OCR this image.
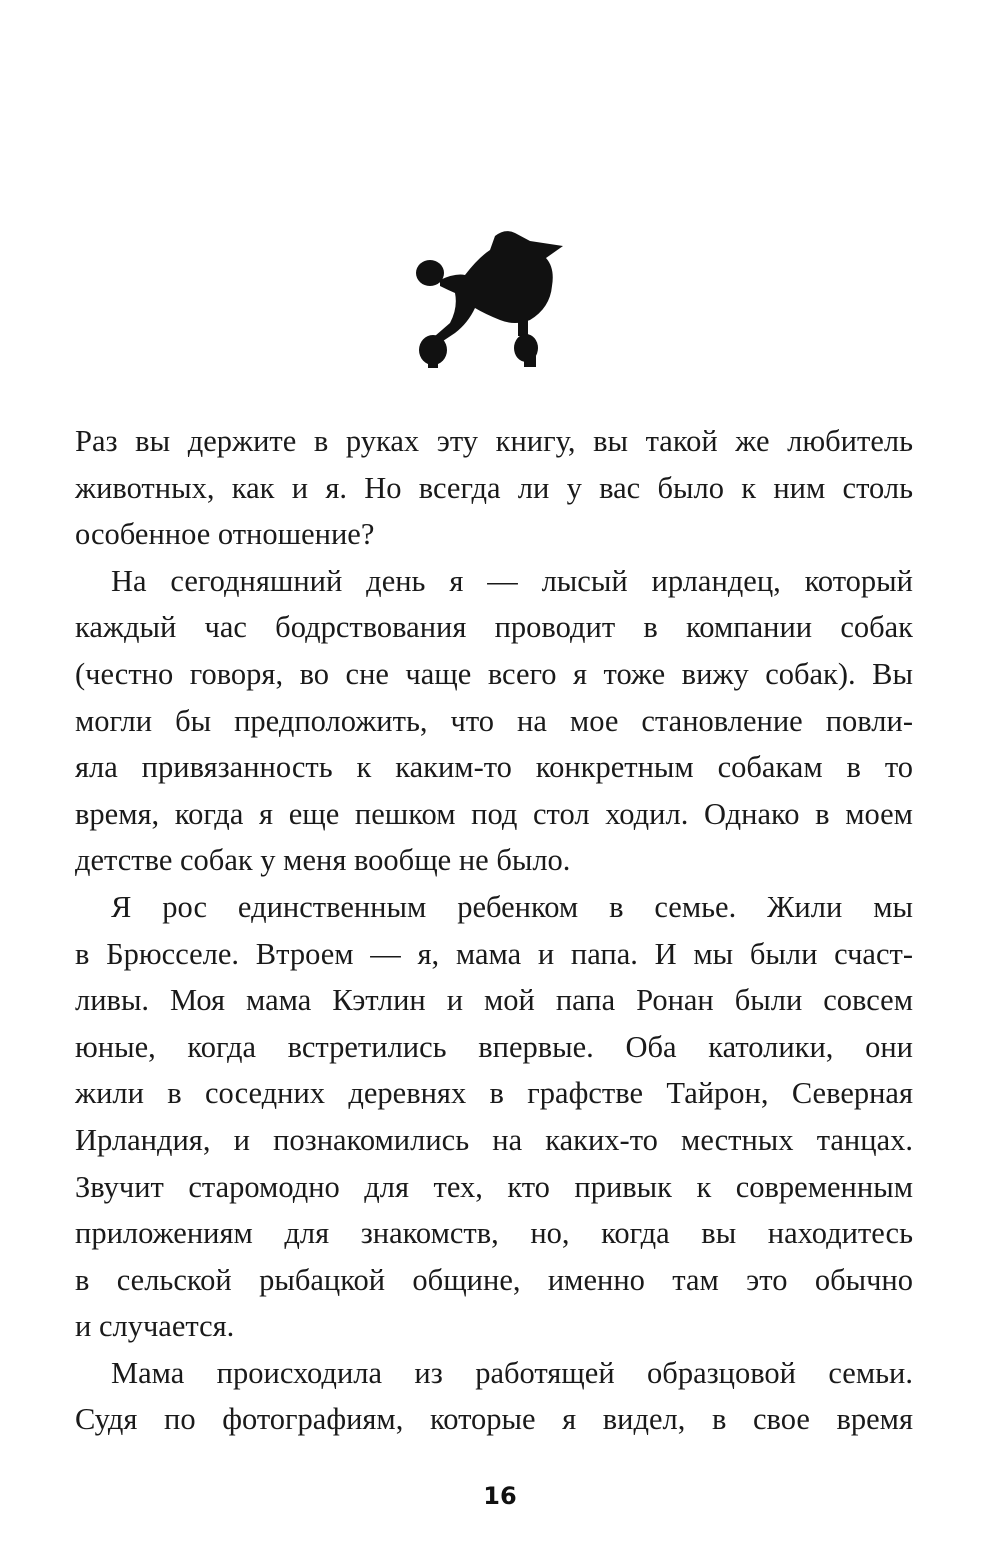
Раз вы держите в руках эту книгу, вы такой же любитель
животных, как и я. Но всегда ли у вас было к ним столь
особенное отношение?
На сегодняшний день я — лысый ирландец, который
каждый час бодрствования проводит в компании собак
(честно говоря, во сне чаще всего я тоже вижу собак). Вы
могли бы предположить, что на мое становление повли-
яла привязанность к каким-то конкретным собакам в то
время, когда я еще пешком под стол ходил. Однако в моем
детстве собак у меня вообще не было.
Я рос единственным ребенком в семье. Жили мы
в Брюсселе. Втроем — я, мама и папа. И мы были счаст-
ливы. Моя мама Кэтлин и мой папа Ронан были совсем
юные, когда встретились впервые. Оба католики, они
жили в соседних деревнях в графстве Тайрон, Северная
Ирландия, и познакомились на каких-то местных танцах.
Звучит старомодно для тех, кто привык к современным
приложениям для знакомств, но, когда вы находитесь
в сельской рыбацкой общине, именно там это обычно
и случается.
Мама происходила из работящей образцовой семьи.
Судя по фотографиям, которые я видел, в свое время
16
